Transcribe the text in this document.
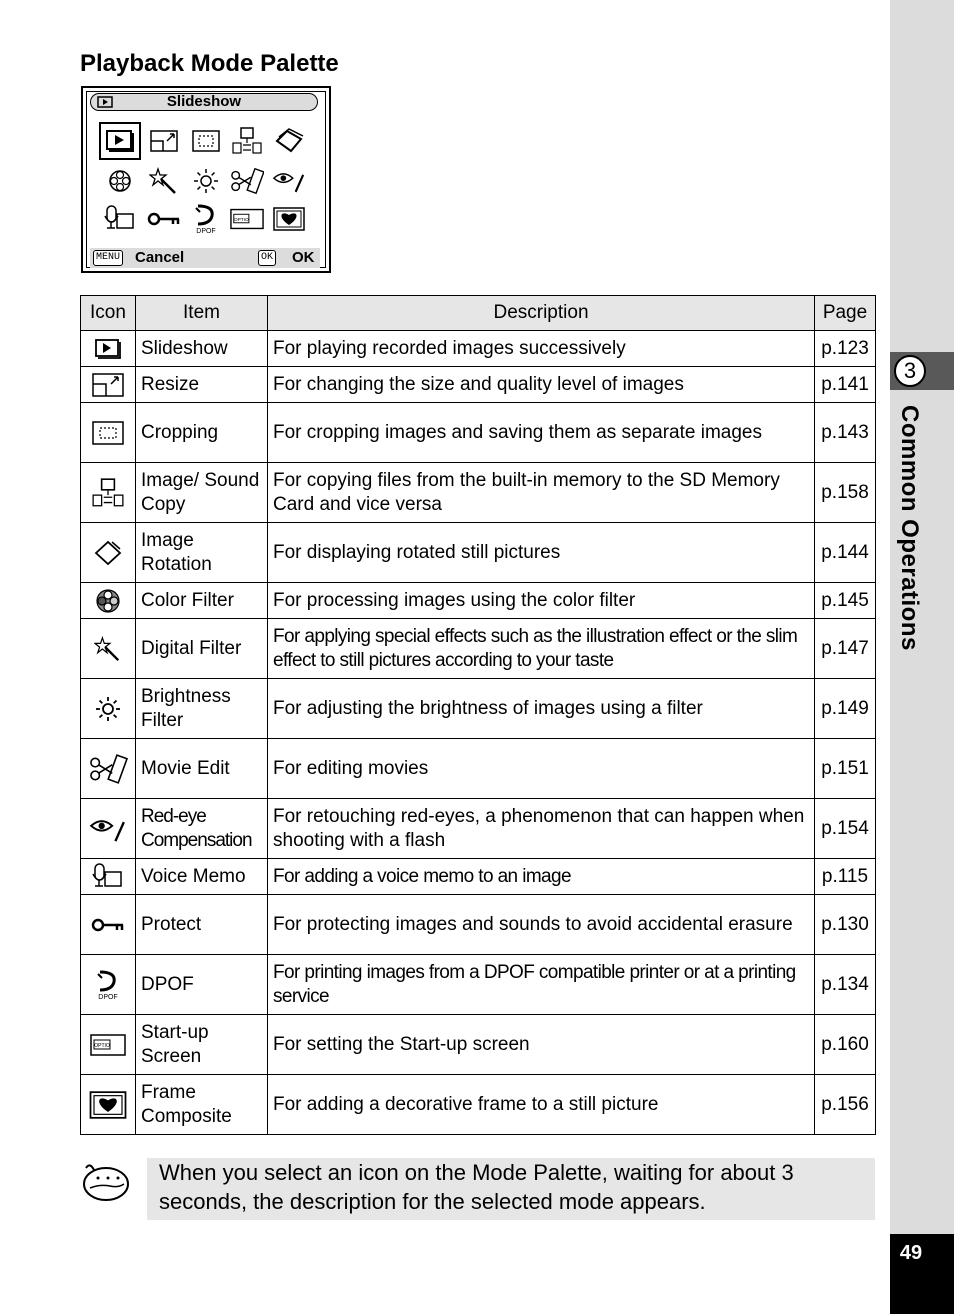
3
Common Operations
49
Playback Mode Palette
Slideshow
DPOF
OPTIO
MENU Cancel	OK OK
Icon	Item	Description	Page

	Slideshow	For playing recorded images successively	p.123

	Resize	For changing the size and quality level of images	p.141

	Cropping	For cropping images and saving them as separate images	p.143

	Image/ Sound Copy	For copying files from the built-in memory to the SD Memory Card and vice versa	p.158

	Image Rotation	For displaying rotated still pictures	p.144

	Color Filter	For processing images using the color filter	p.145

	Digital Filter	For applying special effects such as the illustration effect or the slim effect to still pictures according to your taste	p.147

	Brightness Filter	For adjusting the brightness of images using a filter	p.149

	Movie Edit	For editing movies	p.151

	Red-eye Compensation	For retouching red-eyes, a phenomenon that can happen when shooting with a flash	p.154

	Voice Memo	For adding a voice memo to an image	p.115

	Protect	For protecting images and sounds to avoid accidental erasure	p.130

DPOF	DPOF	For printing images from a DPOF compatible printer or at a printing service	p.134

OPTIO	Start-up Screen	For setting the Start-up screen	p.160

	Frame Composite	For adding a decorative frame to a still picture	p.156
When you select an icon on the Mode Palette, waiting for about 3 seconds, the description for the selected mode appears.
